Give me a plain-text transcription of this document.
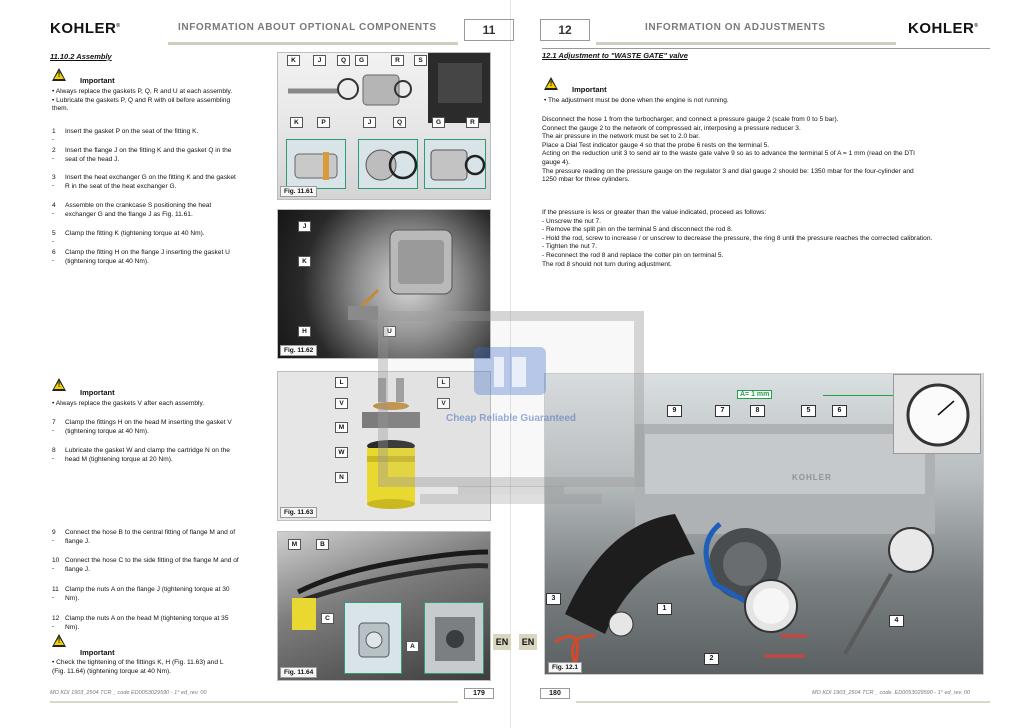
KOHLER®	INFORMATION ABOUT OPTIONAL COMPONENTS	11
11.10.2 Assembly
!
Important
• Always replace the gaskets P, Q, R and U at each assembly.
• Lubricate the gaskets P, Q and R with oil before assembling
them.
1 -
Insert the gasket P on the seat of the fitting K.
2 -
Insert the flange J on the fitting K and the gasket Q in the
seat of the head J.
3 -
Insert the heat exchanger G on the fitting K and the gasket
R in the seat of the heat exchanger G.
4 -
Assemble on the crankcase S positioning the heat
exchanger G and the flange J as Fig. 11.61.
5 -
Clamp the fitting K (tightening torque at 40 Nm).
6 -
Clamp the fitting H on the flange J inserting the gasket U
(tightening torque at 40 Nm).
!
Important
• Always replace the gaskets V after each assembly.
7 -
Clamp the fittings H on the head M inserting the gasket V
(tightening torque at 40 Nm).
8 -
Lubricate the gasket W and clamp the cartridge N on the
head M (tightening torque at 20 Nm).
9 -
Connect the hose B to the central fitting of flange M and of
flange J.
10 -
Connect the hose C to the side fitting of the flange M and of
flange J.
11 -
Clamp the nuts A on the flange J (tightening torque at 30
Nm).
12 -
Clamp the nuts A on the head M (tightening torque at 35
Nm).
!
Important
• Check the tightening of the fittings K, H (Fig. 11.63) and L
(Fig. 11.64) (tightening torque at 40 Nm).
Fig. 11.61
K	J	Q	G	R	S
K	P	J	Q	G	R
Fig. 11.62
J
K
H	U
Fig. 11.63
L
V
M
W
N
L
V
Fig. 11.64
M	B
C
A	EN
MO KDI 1903_2504 TCR _ code ED0053029590 - 1° ed_rev. 00	179
12	INFORMATION ON ADJUSTMENTS	KOHLER®
12.1 Adjustment to "WASTE GATE" valve
!
Important
• The adjustment must be done when the engine is not running.
Disconnect the hose 1 from the turbocharger, and connect a pressure gauge 2 (scale from 0 to 5 bar).
Connect the gauge 2 to the network of compressed air, interposing a pressure reducer 3.
The air pressure in the network must be set to 2.0 bar.
Place a Dial Test indicator gauge 4 so that the probe 6 rests on the terminal 5.
Acting on the reduction unit 3 to send air to the waste gate valve 9 so as to advance the terminal 5 of A = 1 mm (read on the DTI
gauge 4).
The pressure reading on the pressure gauge on the regulator 3 and dial gauge 2 should be: 1350 mbar for the four-cylinder and
1250 mbar for three cylinders.
If the pressure is less or greater than the value indicated, proceed as follows:
- Unscrew the nut 7.
- Remove the split pin on the terminal 5 and disconnect the rod 8.
- Hold the rod, screw to increase / or unscrew to decrease the pressure, the ring 8 until the pressure reaches the corrected calibration.
- Tighten the nut 7.
- Reconnect the rod 8 and replace the cotter pin on terminal 5.
The rod 8 should not turn during adjustment.
EN
MO KDI 1903_2504 TCR _ code. ED0053029590 - 1° ed_rev. 00
180
A= 1 mm
KOHLER
9	7	8	5	6
3
1
2
4
Fig. 12.1
Cheap Reliable Guaranteed
